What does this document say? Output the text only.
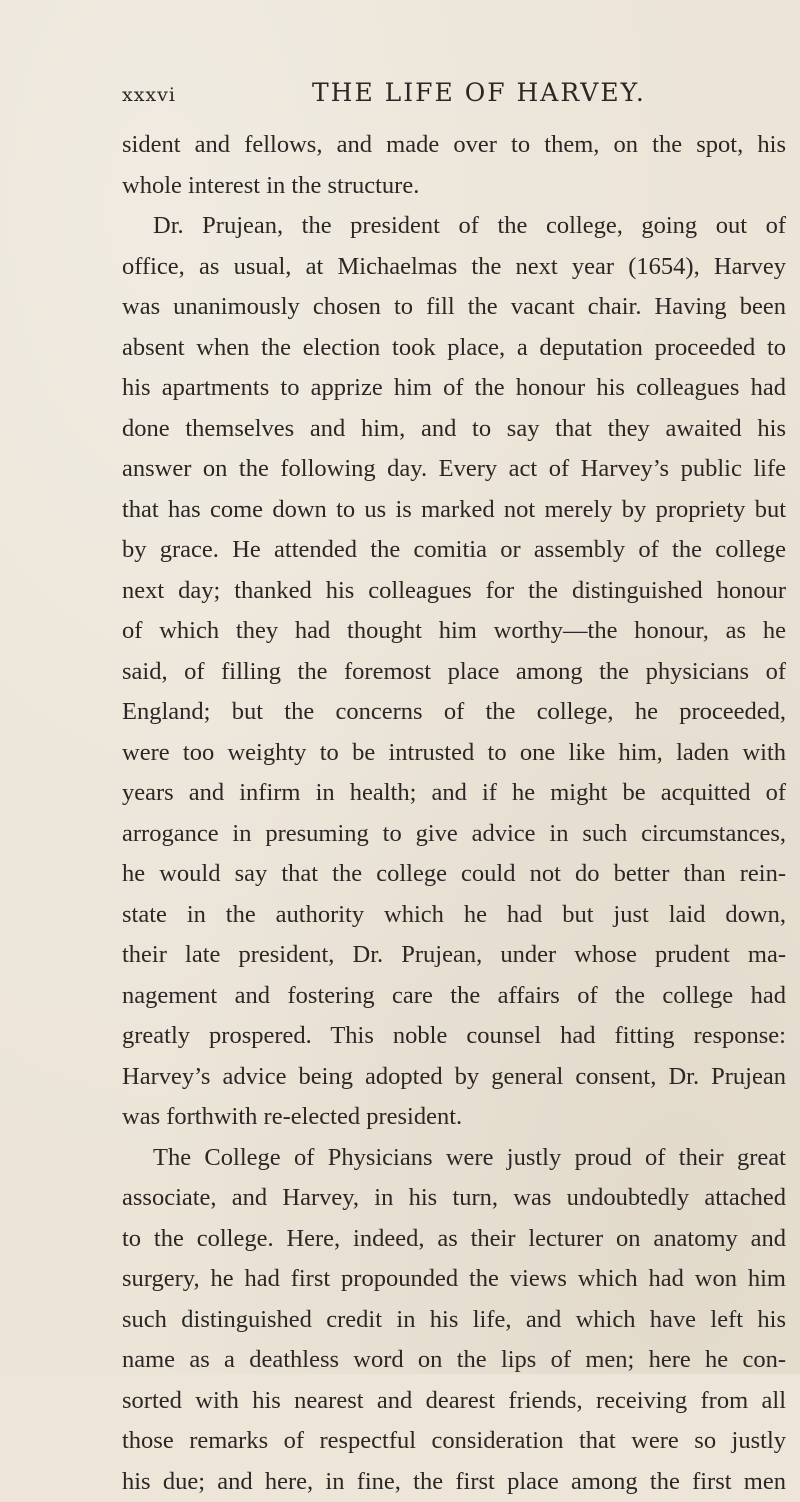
xxxvi	THE LIFE OF HARVEY.
sident and fellows, and made over to them, on the spot, his
whole interest in the structure.
Dr. Prujean, the president of the college, going out of
office, as usual, at Michaelmas the next year (1654), Harvey
was unanimously chosen to fill the vacant chair. Having been
absent when the election took place, a deputation proceeded to
his apartments to apprize him of the honour his colleagues had
done themselves and him, and to say that they awaited his
answer on the following day. Every act of Harvey’s public life
that has come down to us is marked not merely by propriety but
by grace. He attended the comitia or assembly of the college
next day; thanked his colleagues for the distinguished honour
of which they had thought him worthy—the honour, as he
said, of filling the foremost place among the physicians of
England; but the concerns of the college, he proceeded,
were too weighty to be intrusted to one like him, laden with
years and infirm in health; and if he might be acquitted of
arrogance in presuming to give advice in such circumstances,
he would say that the college could not do better than rein-
state in the authority which he had but just laid down,
their late president, Dr. Prujean, under whose prudent ma-
nagement and fostering care the affairs of the college had
greatly prospered. This noble counsel had fitting response:
Harvey’s advice being adopted by general consent, Dr. Prujean
was forthwith re-elected president.
The College of Physicians were justly proud of their great
associate, and Harvey, in his turn, was undoubtedly attached
to the college. Here, indeed, as their lecturer on anatomy and
surgery, he had first propounded the views which had won him
such distinguished credit in his life, and which have left his
name as a deathless word on the lips of men; here he con-
sorted with his nearest and dearest friends, receiving from all
those remarks of respectful consideration that were so justly
his due; and here, in fine, the first place among the first men
